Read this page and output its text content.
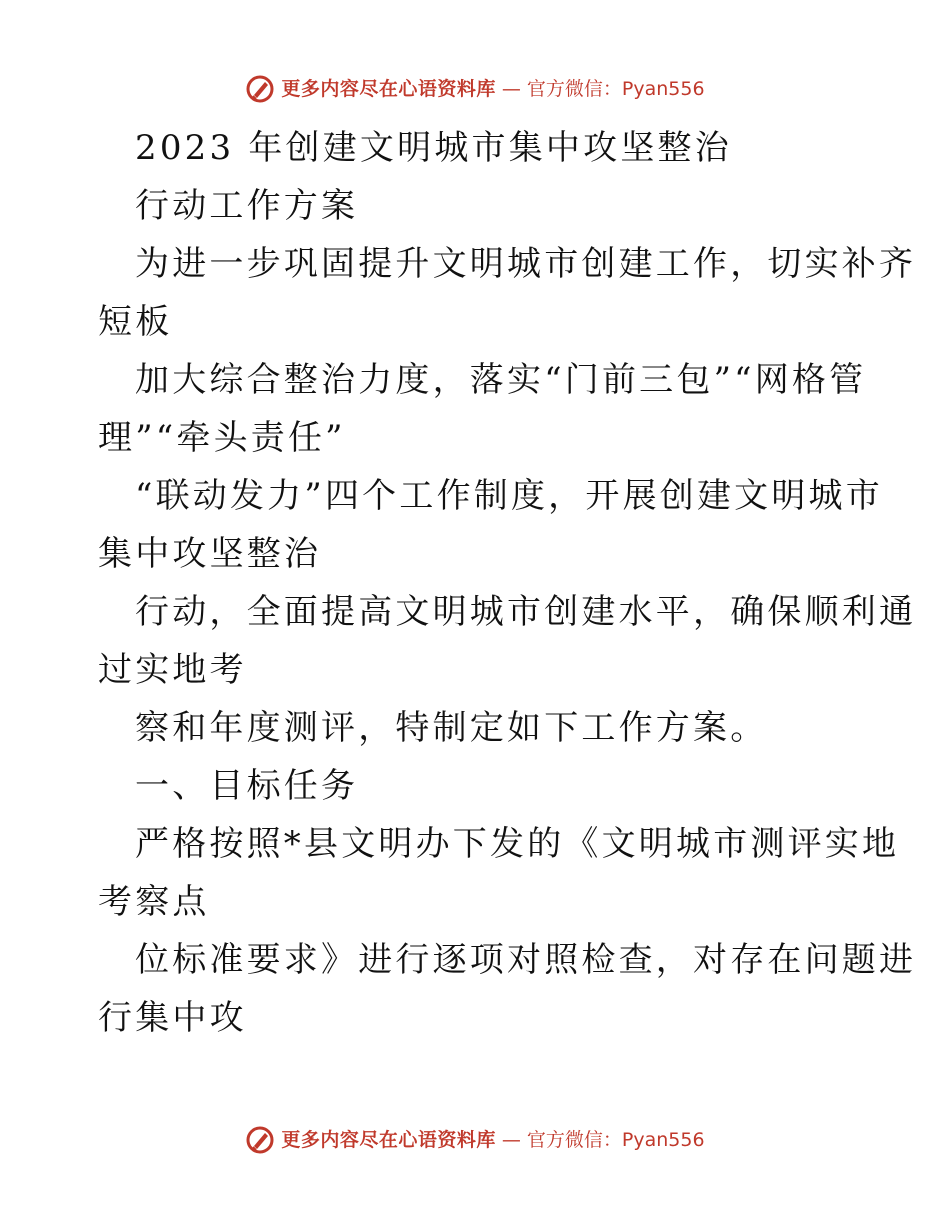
更多内容尽在心语资料库 — 官方微信：Pyan556
2023 年创建文明城市集中攻坚整治
行动工作方案
为进一步巩固提升文明城市创建工作，切实补齐
短板
加大综合整治力度，落实“门前三包”“网格管
理”“牵头责任”
“联动发力”四个工作制度，开展创建文明城市
集中攻坚整治
行动，全面提高文明城市创建水平，确保顺利通
过实地考
察和年度测评，特制定如下工作方案。
一、目标任务
严格按照*县文明办下发的《文明城市测评实地
考察点
位标准要求》进行逐项对照检查，对存在问题进
行集中攻
更多内容尽在心语资料库 — 官方微信：Pyan556
